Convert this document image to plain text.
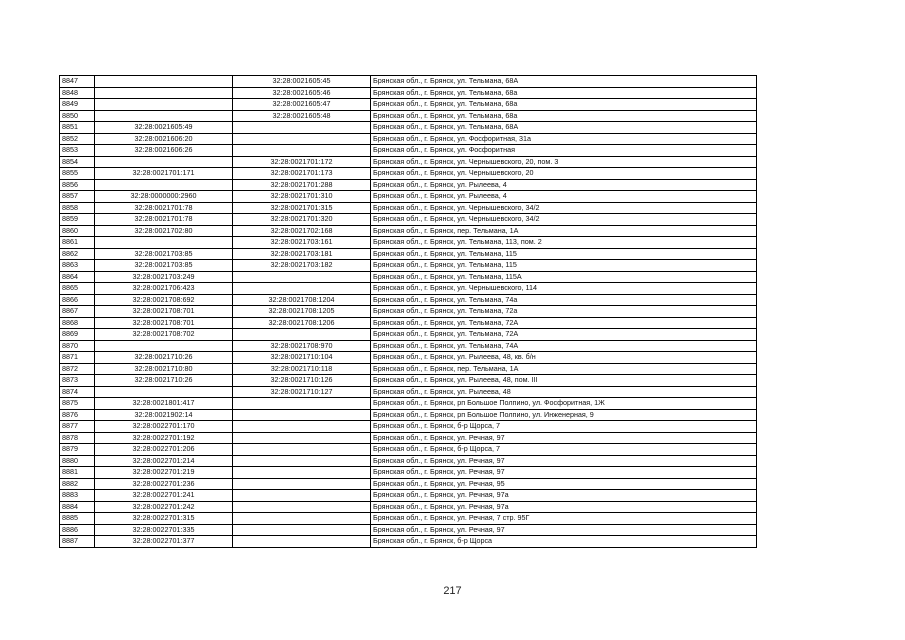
8847		32:28:0021605:45	Брянская обл., г. Брянск, ул. Тельмана, 68А
8848		32:28:0021605:46	Брянская обл., г. Брянск, ул. Тельмана, 68а
8849		32:28:0021605:47	Брянская обл., г. Брянск, ул. Тельмана, 68а
8850		32:28:0021605:48	Брянская обл., г. Брянск, ул. Тельмана, 68а
8851	32:28:0021605:49		Брянская обл., г. Брянск, ул. Тельмана, 68А
8852	32:28:0021606:20		Брянская обл., г. Брянск, ул. Фосфоритная, 31а
8853	32:28:0021606:26		Брянская обл., г. Брянск, ул. Фосфоритная
8854		32:28:0021701:172	Брянская обл., г. Брянск, ул. Чернышевского, 20, пом. 3
8855	32:28:0021701:171	32:28:0021701:173	Брянская обл., г. Брянск, ул. Чернышевского, 20
8856		32:28:0021701:288	Брянская обл., г. Брянск, ул. Рылеева, 4
8857	32:28:0000000:2960	32:28:0021701:310	Брянская обл., г. Брянск, ул. Рылеева, 4
8858	32:28:0021701:78	32:28:0021701:315	Брянская обл., г. Брянск, ул. Чернышевского, 34/2
8859	32:28:0021701:78	32:28:0021701:320	Брянская обл., г. Брянск, ул. Чернышевского, 34/2
8860	32:28:0021702:80	32:28:0021702:168	Брянская обл., г. Брянск, пер. Тельмана, 1А
8861		32:28:0021703:161	Брянская обл., г. Брянск, ул. Тельмана, 113, пом. 2
8862	32:28:0021703:85	32:28:0021703:181	Брянская обл., г. Брянск, ул. Тельмана, 115
8863	32:28:0021703:85	32:28:0021703:182	Брянская обл., г. Брянск, ул. Тельмана, 115
8864	32:28:0021703:249		Брянская обл., г. Брянск, ул. Тельмана, 115А
8865	32:28:0021706:423		Брянская обл., г. Брянск, ул. Чернышевского, 114
8866	32:28:0021708:692	32:28:0021708:1204	Брянская обл., г. Брянск, ул. Тельмана, 74а
8867	32:28:0021708:701	32:28:0021708:1205	Брянская обл., г. Брянск, ул. Тельмана, 72а
8868	32:28:0021708:701	32:28:0021708:1206	Брянская обл., г. Брянск, ул. Тельмана, 72А
8869	32:28:0021708:702		Брянская обл., г. Брянск, ул. Тельмана, 72А
8870		32:28:0021708:970	Брянская обл., г. Брянск, ул. Тельмана, 74А
8871	32:28:0021710:26	32:28:0021710:104	Брянская обл., г. Брянск, ул. Рылеева, 48, кв. б/н
8872	32:28:0021710:80	32:28:0021710:118	Брянская обл., г. Брянск, пер. Тельмана, 1А
8873	32:28:0021710:26	32:28:0021710:126	Брянская обл., г. Брянск, ул. Рылеева, 48, пом. III
8874		32:28:0021710:127	Брянская обл., г. Брянск, ул. Рылеева, 48
8875	32:28:0021801:417		Брянская обл., г. Брянск, рп Большое Полпино, ул. Фосфоритная, 1Ж
8876	32:28:0021902:14		Брянская обл., г. Брянск, рп Большое Полпино, ул. Инженерная, 9
8877	32:28:0022701:170		Брянская обл., г. Брянск, б-р Щорса, 7
8878	32:28:0022701:192		Брянская обл., г. Брянск, ул. Речная, 97
8879	32:28:0022701:206		Брянская обл., г. Брянск, б-р Щорса, 7
8880	32:28:0022701:214		Брянская обл., г. Брянск, ул. Речная, 97
8881	32:28:0022701:219		Брянская обл., г. Брянск, ул. Речная, 97
8882	32:28:0022701:236		Брянская обл., г. Брянск, ул. Речная, 95
8883	32:28:0022701:241		Брянская обл., г. Брянск, ул. Речная, 97а
8884	32:28:0022701:242		Брянская обл., г. Брянск, ул. Речная, 97а
8885	32:28:0022701:315		Брянская обл., г. Брянск, ул. Речная, 7 стр. 95Г
8886	32:28:0022701:335		Брянская обл., г. Брянск, ул. Речная, 97
8887	32:28:0022701:377		Брянская обл., г. Брянск, б-р Щорса
217
